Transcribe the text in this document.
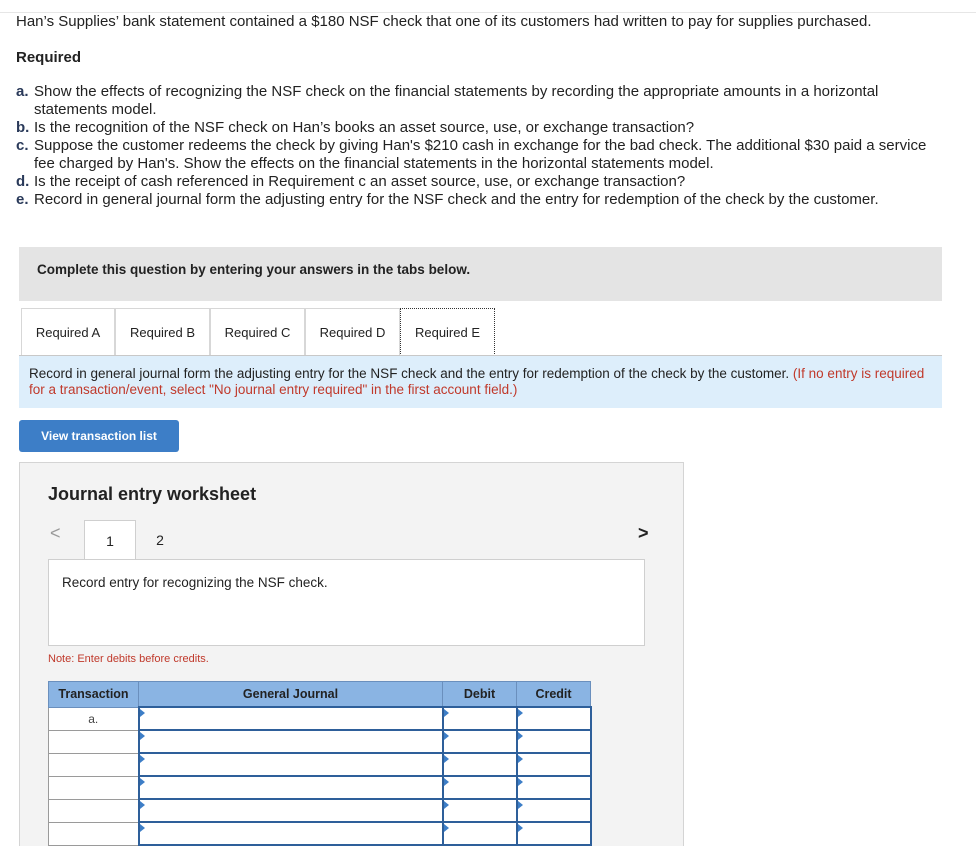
Han’s Supplies’ bank statement contained a $180 NSF check that one of its customers had written to pay for supplies purchased.
Required
a. Show the effects of recognizing the NSF check on the financial statements by recording the appropriate amounts in a horizontal statements model.
b. Is the recognition of the NSF check on Han’s books an asset source, use, or exchange transaction?
c. Suppose the customer redeems the check by giving Han's $210 cash in exchange for the bad check. The additional $30 paid a service fee charged by Han's. Show the effects on the financial statements in the horizontal statements model.
d. Is the receipt of cash referenced in Requirement c an asset source, use, or exchange transaction?
e. Record in general journal form the adjusting entry for the NSF check and the entry for redemption of the check by the customer.
Complete this question by entering your answers in the tabs below.
Required A	Required B	Required C	Required D	Required E

Record in general journal form the adjusting entry for the NSF check and the entry for redemption of the check by the customer. (If no entry is required for a transaction/event, select "No journal entry required" in the first account field.)

View transaction list
Journal entry worksheet
<	1	2	>
Record entry for recognizing the NSF check.
Note: Enter debits before credits.
Transaction	General Journal	Debit	Credit
a.	
